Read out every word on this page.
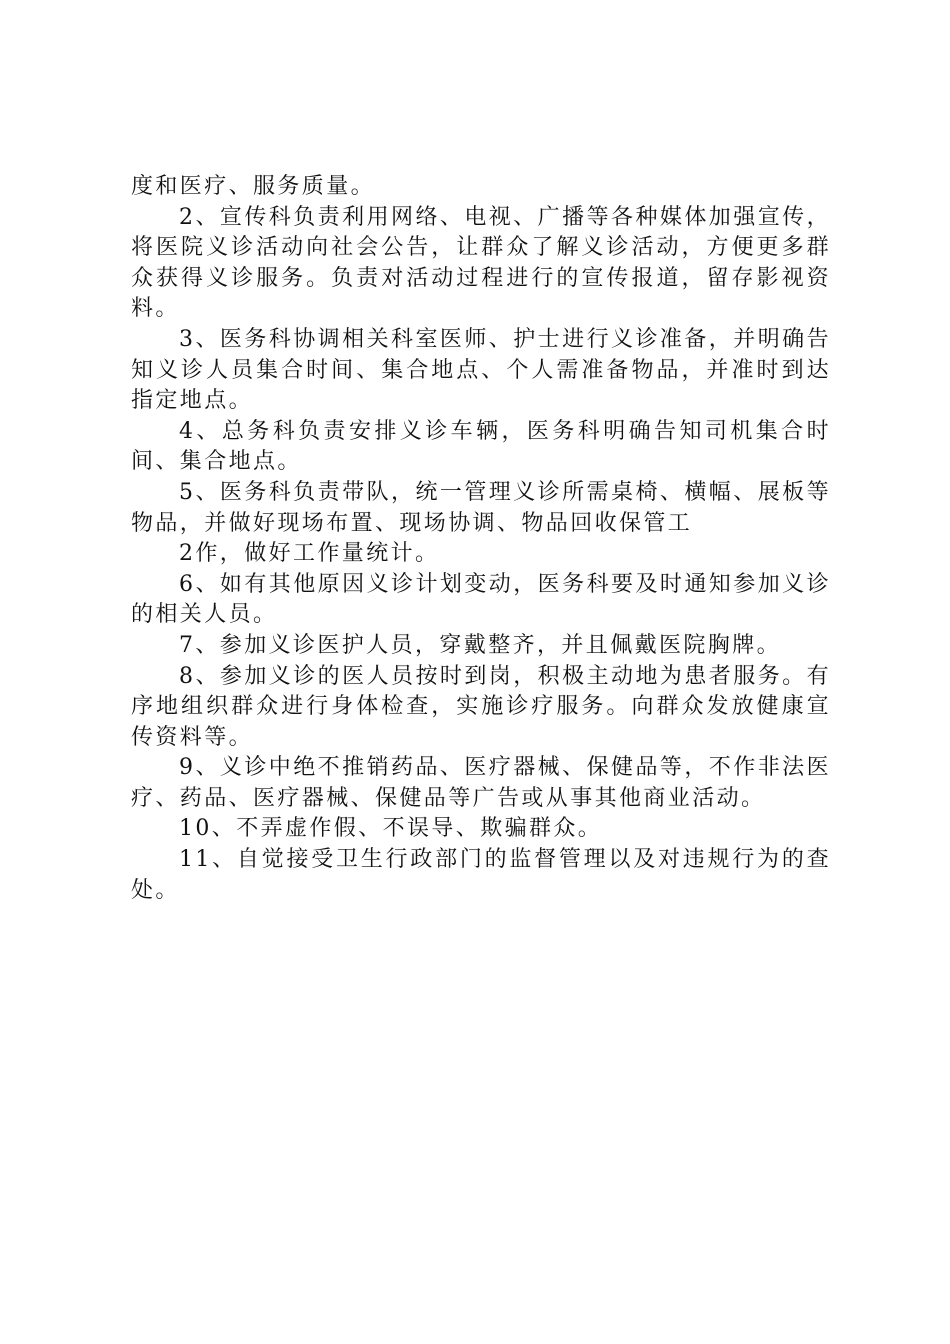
度和医疗、服务质量。

2、宣传科负责利用网络、电视、广播等各种媒体加强宣传，将医院义诊活动向社会公告，让群众了解义诊活动，方便更多群众获得义诊服务。负责对活动过程进行的宣传报道，留存影视资料。

3、医务科协调相关科室医师、护士进行义诊准备，并明确告知义诊人员集合时间、集合地点、个人需准备物品，并准时到达指定地点。

4、总务科负责安排义诊车辆，医务科明确告知司机集合时间、集合地点。

5、医务科负责带队，统一管理义诊所需桌椅、横幅、展板等物品，并做好现场布置、现场协调、物品回收保管工

2作，做好工作量统计。

6、如有其他原因义诊计划变动，医务科要及时通知参加义诊的相关人员。

7、参加义诊医护人员，穿戴整齐，并且佩戴医院胸牌。

8、参加义诊的医人员按时到岗，积极主动地为患者服务。有序地组织群众进行身体检查，实施诊疗服务。向群众发放健康宣传资料等。

9、义诊中绝不推销药品、医疗器械、保健品等，不作非法医疗、药品、医疗器械、保健品等广告或从事其他商业活动。

10、不弄虚作假、不误导、欺骗群众。

11、自觉接受卫生行政部门的监督管理以及对违规行为的查处。
